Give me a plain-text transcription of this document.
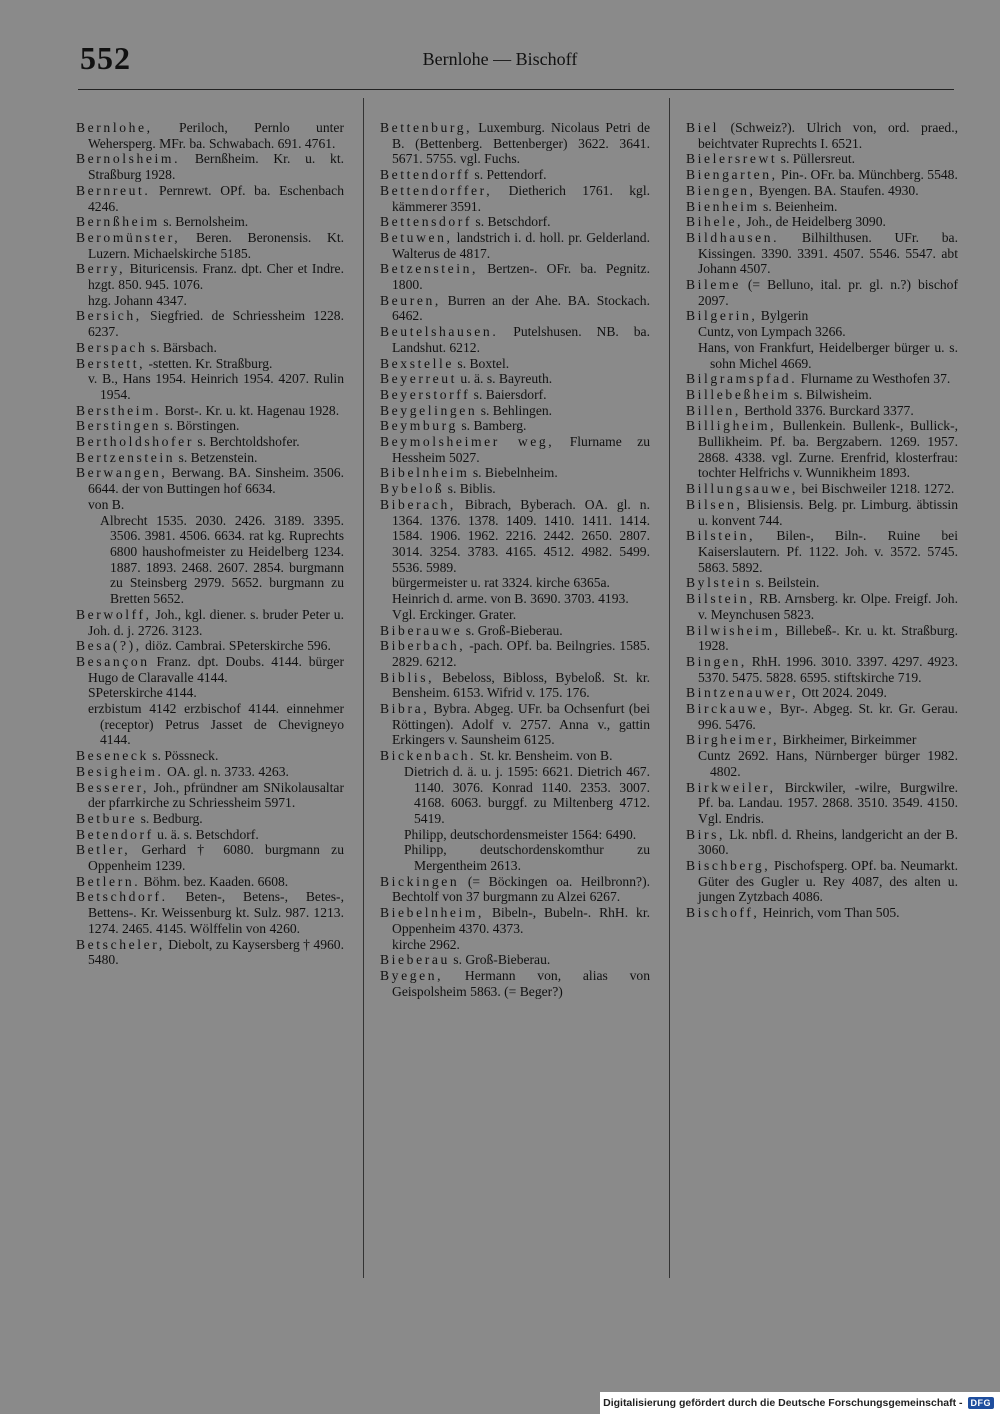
552	Bernlohe — Bischoff
Bernlohe, Periloch, Pernlo unter Wehersperg. MFr. ba. Schwabach. 691. 4761.
Bernolsheim. Bernßheim. Kr. u. kt. Straßburg 1928.
Bernreut. Pernrewt. OPf. ba. Eschenbach 4246.
Bernßheim s. Bernolsheim.
Beromünster, Beren. Beronensis. Kt. Luzern. Michaelskirche 5185.
Berry, Bituricensis. Franz. dpt. Cher et Indre. hzgt. 850. 945. 1076.
hzg. Johann 4347.
Bersich, Siegfried. de Schriessheim 1228. 6237.
Berspach s. Bärsbach.
Berstett, -stetten. Kr. Straßburg.
v. B., Hans 1954. Heinrich 1954. 4207. Rulin 1954.
Berstheim. Borst-. Kr. u. kt. Hagenau 1928.
Berstingen s. Börstingen.
Bertholdshofer s. Berchtoldshofer.
Bertzenstein s. Betzenstein.
Berwangen, Berwang. BA. Sinsheim. 3506. 6644. der von Buttingen hof 6634.
von B.
Albrecht 1535. 2030. 2426. 3189. 3395. 3506. 3981. 4506. 6634. rat kg. Ruprechts 6800 haushofmeister zu Heidelberg 1234. 1887. 1893. 2468. 2607. 2854. burgmann zu Steinsberg 2979. 5652. burgmann zu Bretten 5652.
Berwolff, Joh., kgl. diener. s. bruder Peter u. Joh. d. j. 2726. 3123.
Besa(?), diöz. Cambrai. SPeterskirche 596.
Besançon Franz. dpt. Doubs. 4144. bürger Hugo de Claravalle 4144.
SPeterskirche 4144.
erzbistum 4142 erzbischof 4144. einnehmer (receptor) Petrus Jasset de Chevigneyo 4144.
Beseneck s. Pössneck.
Besigheim. OA. gl. n. 3733. 4263.
Besserer, Joh., pfründner am SNikolausaltar der pfarrkirche zu Schriessheim 5971.
Betbure s. Bedburg.
Betendorf u. ä. s. Betschdorf.
Betler, Gerhard † 6080. burgmann zu Oppenheim 1239.
Betlern. Böhm. bez. Kaaden. 6608.
Betschdorf. Beten-, Betens-, Betes-, Bettens-. Kr. Weissenburg kt. Sulz. 987. 1213. 1274. 2465. 4145. Wölffelin von 4260.
Betscheler, Diebolt, zu Kaysersberg † 4960. 5480.
Bettenburg, Luxemburg. Nicolaus Petri de B. (Bettenberg. Bettenberger) 3622. 3641. 5671. 5755. vgl. Fuchs.
Bettendorff s. Pettendorf.
Bettendorffer, Dietherich 1761. kgl. kämmerer 3591.
Bettensdorf s. Betschdorf.
Betuwen, landstrich i. d. holl. pr. Gelderland. Walterus de 4817.
Betzenstein, Bertzen-. OFr. ba. Pegnitz. 1800.
Beuren, Burren an der Ahe. BA. Stockach. 6462.
Beutelshausen. Putelshusen. NB. ba. Landshut. 6212.
Bexstelle s. Boxtel.
Beyerreut u. ä. s. Bayreuth.
Beyerstorff s. Baiersdorf.
Beygelingen s. Behlingen.
Beymburg s. Bamberg.
Beymolsheimer weg, Flurname zu Hessheim 5027.
Bibelnheim s. Biebelnheim.
Bybeloß s. Biblis.
Biberach, Bibrach, Byberach. OA. gl. n. 1364. 1376. 1378. 1409. 1410. 1411. 1414. 1584. 1906. 1962. 2216. 2442. 2650. 2807. 3014. 3254. 3783. 4165. 4512. 4982. 5499. 5536. 5989.
bürgermeister u. rat 3324. kirche 6365a.
Heinrich d. arme. von B. 3690. 3703. 4193.
Vgl. Erckinger. Grater.
Biberauwe s. Groß-Bieberau.
Biberbach, -pach. OPf. ba. Beilngries. 1585. 2829. 6212.
Biblis, Bebeloss, Bibloss, Bybeloß. St. kr. Bensheim. 6153. Wifrid v. 175. 176.
Bibra, Bybra. Abgeg. UFr. ba Ochsenfurt (bei Röttingen). Adolf v. 2757. Anna v., gattin Erkingers v. Saunsheim 6125.
Bickenbach. St. kr. Bensheim. von B.
Dietrich d. ä. u. j. 1595: 6621. Dietrich 467. 1140. 3076. Konrad 1140. 2353. 3007. 4168. 6063. burggf. zu Miltenberg 4712. 5419.
Philipp, deutschordensmeister 1564: 6490.
Philipp, deutschordenskomthur zu Mergentheim 2613.
Bickingen (= Böckingen oa. Heilbronn?). Bechtolf von 37 burgmann zu Alzei 6267.
Biebelnheim, Bibeln-, Bubeln-. RhH. kr. Oppenheim 4370. 4373.
kirche 2962.
Bieberau s. Groß-Bieberau.
Byegen, Hermann von, alias von Geispolsheim 5863. (= Beger?)
Biel (Schweiz?). Ulrich von, ord. praed., beichtvater Ruprechts I. 6521.
Bielersrewt s. Püllersreut.
Biengarten, Pin-. OFr. ba. Münchberg. 5548.
Biengen, Byengen. BA. Staufen. 4930.
Bienheim s. Beienheim.
Bihele, Joh., de Heidelberg 3090.
Bildhausen. Bilhilthusen. UFr. ba. Kissingen. 3390. 3391. 4507. 5546. 5547. abt Johann 4507.
Bileme (= Belluno, ital. pr. gl. n.?) bischof 2097.
Bilgerin, Bylgerin
Cuntz, von Lympach 3266.
Hans, von Frankfurt, Heidelberger bürger u. s. sohn Michel 4669.
Bilgramspfad. Flurname zu Westhofen 37.
Billebeßheim s. Bilwisheim.
Billen, Berthold 3376. Burckard 3377.
Billigheim, Bullenkein. Bullenk-, Bullick-, Bullikheim. Pf. ba. Bergzabern. 1269. 1957. 2868. 4338. vgl. Zurne. Erenfrid, klosterfrau: tochter Helfrichs v. Wunnikheim 1893.
Billungsauwe, bei Bischweiler 1218. 1272.
Bilsen, Blisiensis. Belg. pr. Limburg. äbtissin u. konvent 744.
Bilstein, Bilen-, Biln-. Ruine bei Kaiserslautern. Pf. 1122. Joh. v. 3572. 5745. 5863. 5892.
Bylstein s. Beilstein.
Bilstein, RB. Arnsberg. kr. Olpe. Freigf. Joh. v. Meynchusen 5823.
Bilwisheim, Billebeß-. Kr. u. kt. Straßburg. 1928.
Bingen, RhH. 1996. 3010. 3397. 4297. 4923. 5370. 5475. 5828. 6595. stiftskirche 719.
Bintzenauwer, Ott 2024. 2049.
Birckauwe, Byr-. Abgeg. St. kr. Gr. Gerau. 996. 5476.
Birgheimer, Birkheimer, Birkeimmer
Cuntz 2692. Hans, Nürnberger bürger 1982. 4802.
Birkweiler, Birckwiler, -wilre, Burgwilre. Pf. ba. Landau. 1957. 2868. 3510. 3549. 4150. Vgl. Endris.
Birs, Lk. nbfl. d. Rheins, landgericht an der B. 3060.
Bischberg, Pischofsperg. OPf. ba. Neumarkt. Güter des Gugler u. Rey 4087, des alten u. jungen Zytzbach 4086.
Bischoff, Heinrich, vom Than 505.
Digitalisierung gefördert durch die Deutsche Forschungsgemeinschaft - DFG
